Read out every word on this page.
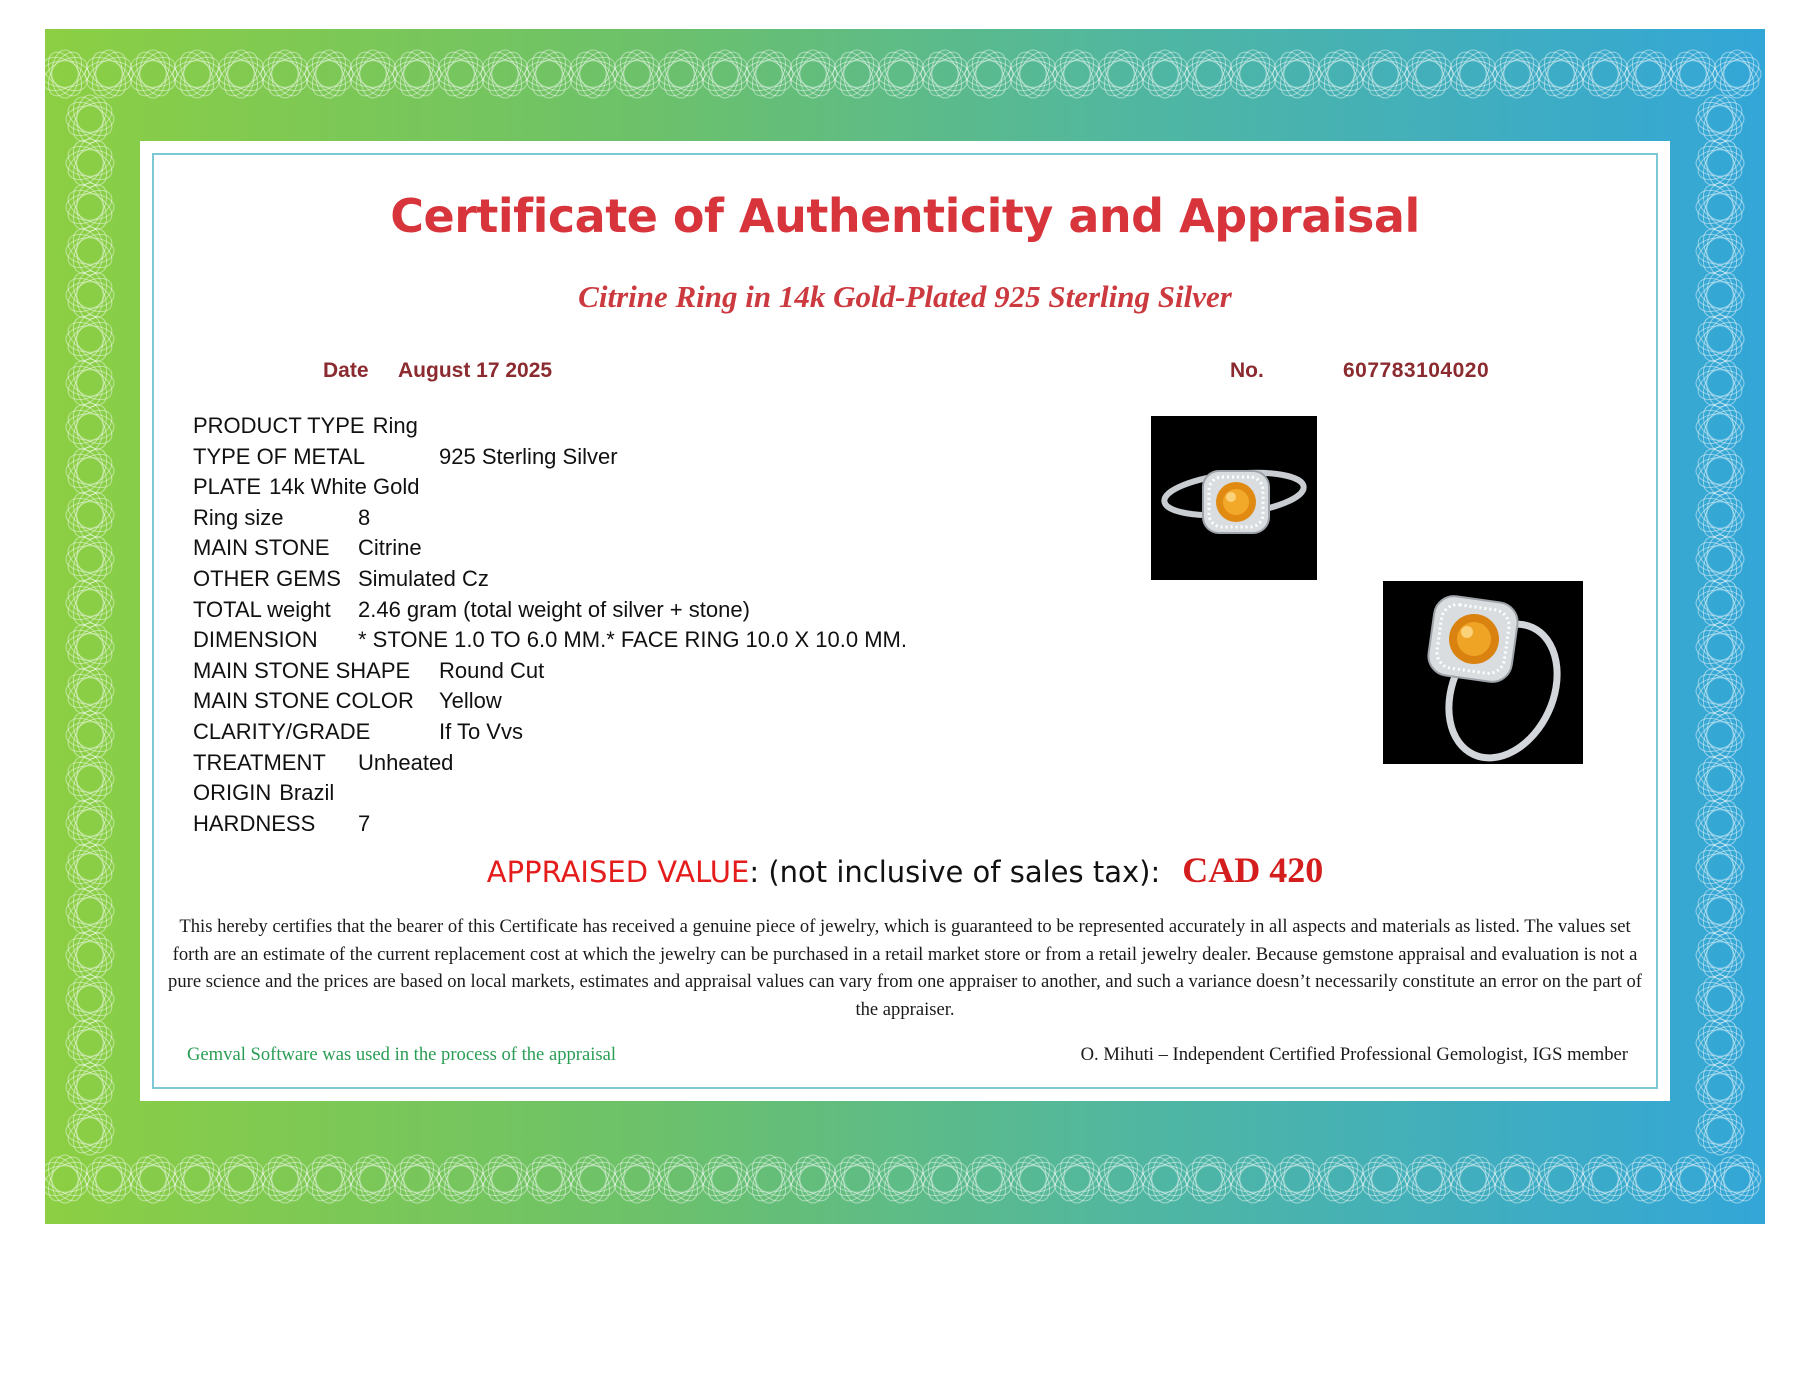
Certificate of Authenticity and Appraisal
Citrine Ring in 14k Gold-Plated 925 Sterling Silver
Date August 17 2025	No.	607783104020
PRODUCT TYPE Ring
TYPE OF METAL	925 Sterling Silver
PLATE 14k White Gold
Ring size	8
MAIN STONE Citrine
OTHER GEMS Simulated Cz
TOTAL weight 2.46 gram (total weight of silver + stone)
DIMENSION * STONE 1.0 TO 6.0 MM.* FACE RING 10.0 X 10.0 MM.
MAIN STONE SHAPE Round Cut
MAIN STONE COLOR Yellow
CLARITY/GRADE	If To Vvs
TREATMENT Unheated
ORIGIN Brazil
HARDNESS 7
APPRAISED VALUE: (not inclusive of sales tax): CAD 420
This hereby certifies that the bearer of this Certificate has received a genuine piece of jewelry, which is guaranteed to be represented accurately in all aspects and materials as listed. The values set forth are an estimate of the current replacement cost at which the jewelry can be purchased in a retail market store or from a retail jewelry dealer. Because gemstone appraisal and evaluation is not a pure science and the prices are based on local markets, estimates and appraisal values can vary from one appraiser to another, and such a variance doesn’t necessarily constitute an error on the part of the appraiser.
Gemval Software was used in the process of the appraisal	O. Mihuti – Independent Certified Professional Gemologist, IGS member
